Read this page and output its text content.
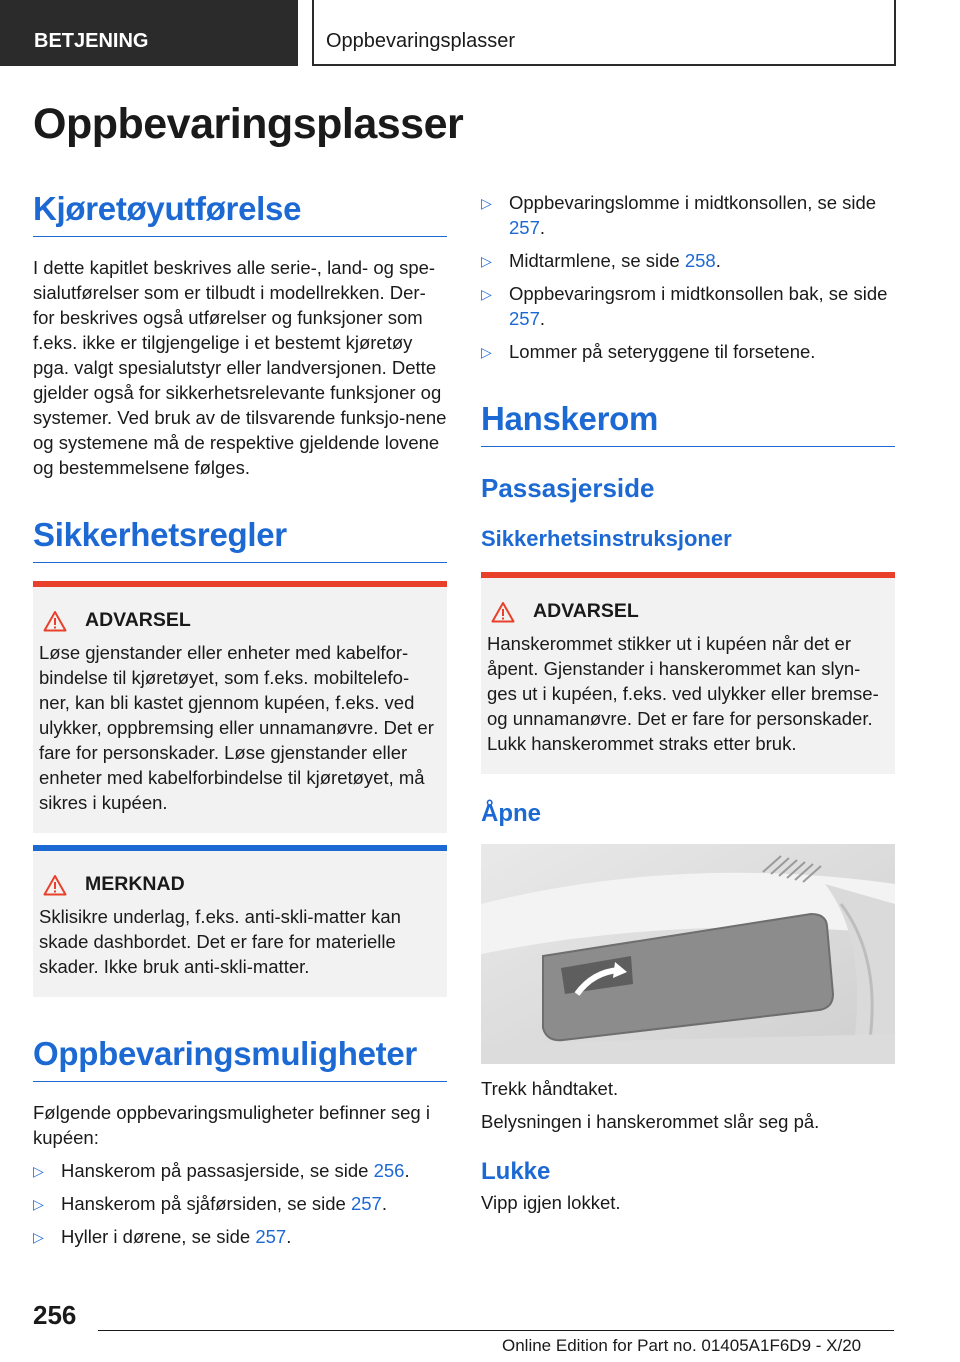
BETJENING	Oppbevaringsplasser
Oppbevaringsplasser
Kjøretøyutførelse

I dette kapitlet beskrives alle serie-, land- og spe-sialutførelser som er tilbudt i modellrekken. Der-for beskrives også utførelser og funksjoner som f.eks. ikke er tilgjengelige i et bestemt kjøretøy pga. valgt spesialutstyr eller landversjonen. Dette gjelder også for sikkerhetsrelevante funksjoner og systemer. Ved bruk av de tilsvarende funksjo-nene og systemene må de respektive gjeldende lovene og bestemmelsene følges.

Sikkerhetsregler
ADVARSEL

Løse gjenstander eller enheter med kabelfor-bindelse til kjøretøyet, som f.eks. mobiltelefo-ner, kan bli kastet gjennom kupéen, f.eks. ved ulykker, oppbremsing eller unnamanøvre. Det er fare for personskader. Løse gjenstander eller enheter med kabelforbindelse til kjøretøyet, må sikres i kupéen.

MERKNAD

Sklisikre underlag, f.eks. anti-skli-matter kan skade dashbordet. Det er fare for materielle skader. Ikke bruk anti-skli-matter.

Oppbevaringsmuligheter

Følgende oppbevaringsmuligheter befinner seg i kupéen:

▷ Hanskerom på passasjerside, se side 256.
▷ Hanskerom på sjåførsiden, se side 257.
▷ Hyller i dørene, se side 257.
▷ Oppbevaringslomme i midtkonsollen, se side 257.
▷ Midtarmlene, se side 258.
▷ Oppbevaringsrom i midtkonsollen bak, se side 257.
▷ Lommer på seteryggene til forsetene.
Hanskerom
Passasjerside
Sikkerhetsinstruksjoner
ADVARSEL

Hanskerommet stikker ut i kupéen når det er åpent. Gjenstander i hanskerommet kan slyn-ges ut i kupéen, f.eks. ved ulykker eller bremse-og unnamanøvre. Det er fare for personskader. Lukk hanskerommet straks etter bruk.

Åpne

Trekk håndtaket.

Belysningen i hanskerommet slår seg på.

Lukke

Vipp igjen lokket.

256
Online Edition for Part no. 01405A1F6D9 - X/20
